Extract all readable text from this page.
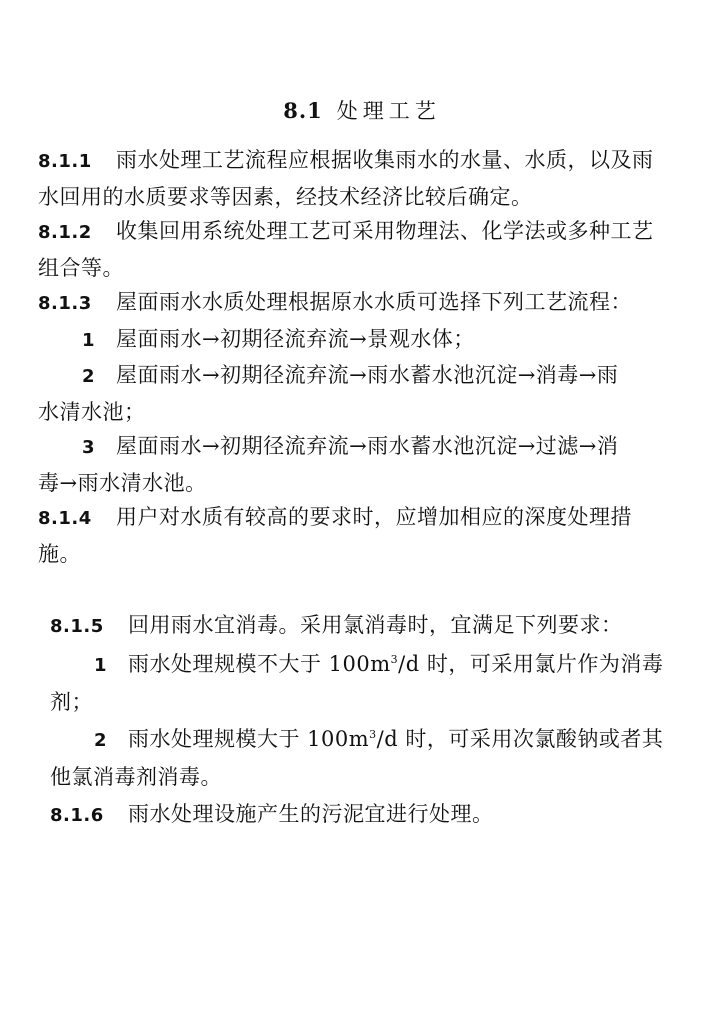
8.1 处理工艺
8.1.1 雨水处理工艺流程应根据收集雨水的水量、水质，以及雨
水回用的水质要求等因素，经技术经济比较后确定。
8.1.2 收集回用系统处理工艺可采用物理法、化学法或多种工艺
组合等。
8.1.3 屋面雨水水质处理根据原水水质可选择下列工艺流程：
1 屋面雨水→初期径流弃流→景观水体；
2 屋面雨水→初期径流弃流→雨水蓄水池沉淀→消毒→雨
水清水池；
3 屋面雨水→初期径流弃流→雨水蓄水池沉淀→过滤→消
毒→雨水清水池。
8.1.4 用户对水质有较高的要求时，应增加相应的深度处理措
施。
8.1.5 回用雨水宜消毒。采用氯消毒时，宜满足下列要求：
1 雨水处理规模不大于 $100m^3/d$ 时，可采用氯片作为消毒
剂；
2 雨水处理规模大于 $100m^3/d$ 时，可采用次氯酸钠或者其
他氯消毒剂消毒。
8.1.6 雨水处理设施产生的污泥宜进行处理。
